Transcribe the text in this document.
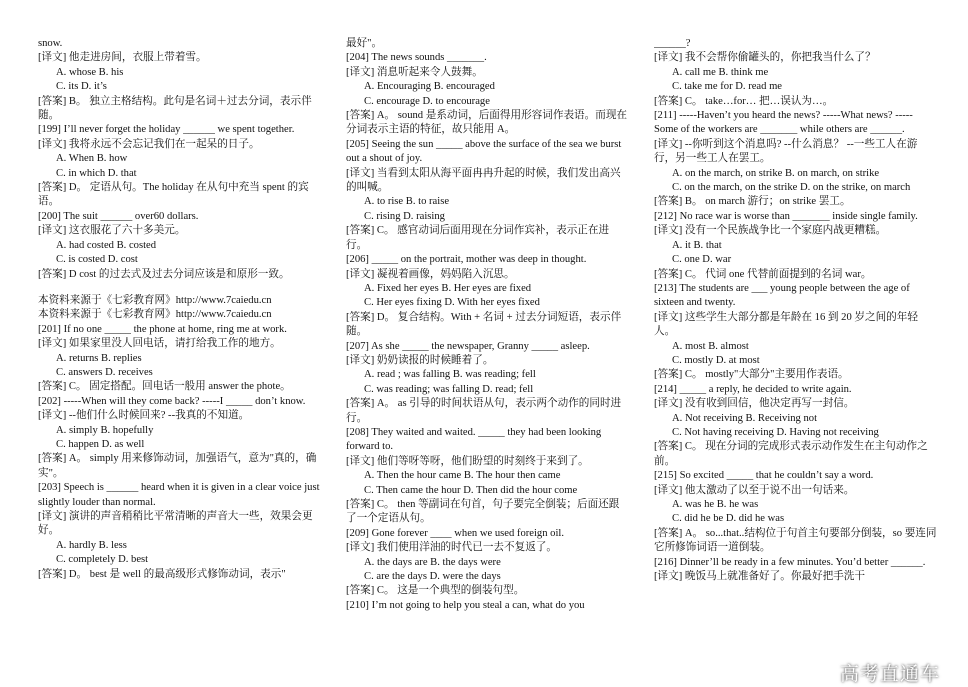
snow.
[译文] 他走进房间，衣服上带着雪。
A. whose B. his
C. its D. it’s
[答案] B。 独立主格结构。此句是名词＋过去分词，表示伴随。
[199] I’ll never forget the holiday ______ we spent together.
[译文] 我将永远不会忘记我们在一起呆的日子。
A. When B. how
C. in which D. that
[答案] D。 定语从句。The holiday 在从句中充当 spent 的宾语。
[200] The suit ______ over60 dollars.
[译文] 这衣服花了六十多美元。
A. had costed B. costed
C. is costed D. cost
[答案] D cost 的过去式及过去分词应该是和原形一致。
本资料来源于《七彩教育网》http://www.7caiedu.cn
本资料来源于《七彩教育网》http://www.7caiedu.cn
[201] If no one _____ the phone at home, ring me at work.
[译文] 如果家里没人回电话，请打给我工作的地方。
A. returns B. replies
C. answers D. receives
[答案] C。 固定搭配。回电话一般用 answer the phote。
[202] -----When will they come back? -----I _____ don’t know.
[译文] --他们什么时候回来? --我真的不知道。
A. simply B. hopefully
C. happen D. as well
[答案] A。 simply 用来修饰动词，加强语气，意为"真的，确实"。
[203] Speech is ______ heard when it is given in a clear voice just slightly louder than normal.
[译文] 演讲的声音稍稍比平常清晰的声音大一些，效果会更好。
A. hardly B. less
C. completely D. best
[答案] D。 best 是 well 的最高级形式修饰动词，表示"
最好"。
[204] The news sounds _______.
[译文] 消息听起来令人鼓舞。
A. Encouraging B. encouraged
C. encourage D. to encourage
[答案] A。 sound 是系动词，后面得用形容词作表语。而现在分词表示主语的特征，故只能用 A。
[205] Seeing the sun _____ above the surface of the sea we burst out a shout of joy.
[译文] 当看到太阳从海平面冉冉升起的时候，我们发出高兴的叫喊。
A. to rise B. to raise
C. rising D. raising
[答案] C。 感官动词后面用现在分词作宾补，表示正在进行。
[206] _____ on the portrait, mother was deep in thought.
[译文] 凝视着画像，妈妈陷入沉思。
A. Fixed her eyes B. Her eyes are fixed
C. Her eyes fixing D. With her eyes fixed
[答案] D。 复合结构。With + 名词 + 过去分词短语，表示伴随。
[207] As she _____ the newspaper, Granny _____ asleep.
[译文] 奶奶读报的时候睡着了。
A. read ; was falling B. was reading; fell
C. was reading; was falling D. read; fell
[答案] A。 as 引导的时间状语从句，表示两个动作的同时进行。
[208] They waited and waited. _____ they had been looking forward to.
[译文] 他们等呀等呀，他们盼望的时刻终于来到了。
A. Then the hour came B. The hour then came
C. Then came the hour D. Then did the hour come
[答案] C。 then 等副词在句首，句子要完全倒装；后面还跟了一个定语从句。
[209] Gone forever ____ when we used foreign oil.
[译文] 我们使用洋油的时代已一去不复返了。
A. the days are B. the days were
C. are the days D. were the days
[答案] C。 这是一个典型的倒装句型。
[210] I’m not going to help you steal a can, what do you
______?
[译文] 我不会帮你偷罐头的，你把我当什么了？
A. call me B. think me
C. take me for D. read me
[答案] C。 take…for… 把…误认为…。
[211] -----Haven’t you heard the news? -----What news? ----- Some of the workers are _______ while others are ______.
[译文] --你听到这个消息吗? --什么消息？ --一些工人在游行，另一些工人在罢工。
A. on the march, on strike B. on march, on strike
C. on the march, on the strike D. on the strike, on march
[答案] B。 on march 游行；on strike 罢工。
[212] No race war is worse than _______ inside single family.
[译文] 没有一个民族战争比一个家庭内战更糟糕。
A. it B. that
C. one D. war
[答案] C。 代词 one 代替前面提到的名词 war。
[213] The students are ___ young people between the age of sixteen and twenty.
[译文] 这些学生大部分都是年龄在 16 到 20 岁之间的年轻人。
A. most B. almost
C. mostly D. at most
[答案] C。 mostly"大部分"主要用作表语。
[214] _____ a reply, he decided to write again.
[译文] 没有收到回信，他决定再写一封信。
A. Not receiving B. Receiving not
C. Not having receiving D. Having not receiving
[答案] C。 现在分词的完成形式表示动作发生在主句动作之前。
[215] So excited _____ that he couldn’t say a word.
[译文] 他太激动了以至于说不出一句话来。
A. was he B. he was
C. did he be D. did he was
[答案] A。 so...that..结构位于句首主句要部分倒装，so 要连同它所修饰词语一道倒装。
[216] Dinner’ll be ready in a few minutes. You’d better ______.
[译文] 晚饭马上就准备好了。你最好把手洗干
高考直通车
